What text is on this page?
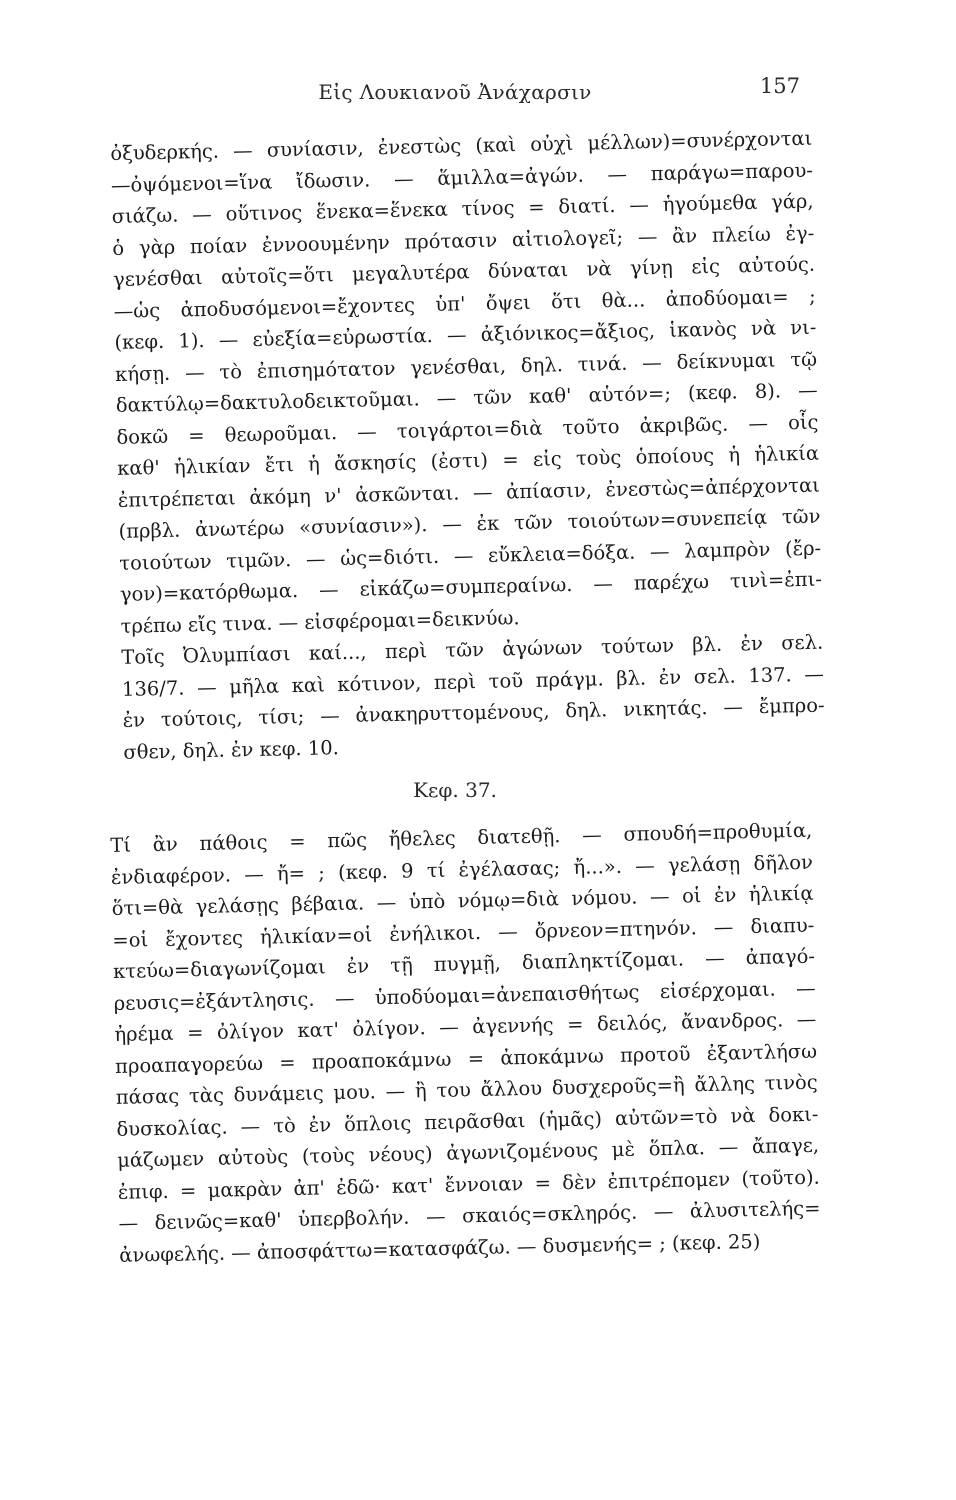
Εἰς Λουκιανοῦ Ἀνάχαρσιν	157
ὀξυδερκής. — συνίασιν, ἐνεστὼς (καὶ οὐχὶ μέλλων)=συνέρχονται
—ὀψόμενοι=ἵνα ἴδωσιν. — ἅμιλλα=ἀγών. — παράγω=παρου-
σιάζω. — οὕτινος ἕνεκα=ἕνεκα τίνος = διατί. — ἡγούμεθα γάρ,
ὁ γὰρ ποίαν ἐννοουμένην πρότασιν αἰτιολογεῖ; — ἂν πλείω ἐγ-
γενέσθαι αὐτοῖς=ὅτι μεγαλυτέρα δύναται νὰ γίνῃ εἰς αὐτούς.
—ὡς ἀποδυσόμενοι=ἔχοντες ὑπ' ὄψει ὅτι θὰ... ἀποδύομαι= ;
(κεφ. 1). — εὐεξία=εὐρωστία. — ἀξιόνικος=ἄξιος, ἱκανὸς νὰ νι-
κήσῃ. — τὸ ἐπισημότατον γενέσθαι, δηλ. τινά. — δείκνυμαι τῷ
δακτύλῳ=δακτυλοδεικτοῦμαι. — τῶν καθ' αὑτόν=; (κεφ. 8). —
δοκῶ = θεωροῦμαι. — τοιγάρτοι=διὰ τοῦτο ἀκριβῶς. — οἷς
καθ' ἡλικίαν ἔτι ἡ ἄσκησίς (ἐστι) = εἰς τοὺς ὁποίους ἡ ἡλικία
ἐπιτρέπεται ἀκόμη ν' ἀσκῶνται. — ἀπίασιν, ἐνεστὼς=ἀπέρχονται
(πρβλ. ἀνωτέρω «συνίασιν»). — ἐκ τῶν τοιούτων=συνεπείᾳ τῶν
τοιούτων τιμῶν. — ὡς=διότι. — εὔκλεια=δόξα. — λαμπρὸν (ἔρ-
γον)=κατόρθωμα. — εἰκάζω=συμπεραίνω. — παρέχω τινὶ=ἐπι-
τρέπω εἴς τινα. — εἰσφέρομαι=δεικνύω.
Τοῖς Ὀλυμπίασι καί..., περὶ τῶν ἀγώνων τούτων βλ. ἐν σελ.
136/7. — μῆλα καὶ κότινον, περὶ τοῦ πράγμ. βλ. ἐν σελ. 137. —
ἐν τούτοις, τίσι; — ἀνακηρυττομένους, δηλ. νικητάς. — ἔμπρο-
σθεν, δηλ. ἐν κεφ. 10.
Κεφ. 37.
Τί ἂν πάθοις = πῶς ἤθελες διατεθῇ. — σπουδή=προθυμία,
ἐνδιαφέρον. — ἤ= ; (κεφ. 9 τί ἐγέλασας; ἤ...». — γελάσῃ δῆλον
ὅτι=θὰ γελάσῃς βέβαια. — ὑπὸ νόμῳ=διὰ νόμου. — οἱ ἐν ἡλικίᾳ
=οἱ ἔχοντες ἡλικίαν=οἱ ἐνήλικοι. — ὄρνεον=πτηνόν. — διαπυ-
κτεύω=διαγωνίζομαι ἐν τῇ πυγμῇ, διαπληκτίζομαι. — ἀπαγό-
ρευσις=ἐξάντλησις. — ὑποδύομαι=ἀνεπαισθήτως εἰσέρχομαι. —
ἠρέμα = ὀλίγον κατ' ὀλίγον. — ἀγεννής = δειλός, ἄνανδρος. —
προαπαγορεύω = προαποκάμνω = ἀποκάμνω προτοῦ ἐξαντλήσω
πάσας τὰς δυνάμεις μου. — ἢ του ἄλλου δυσχεροῦς=ἢ ἄλλης τινὸς
δυσκολίας. — τὸ ἐν ὅπλοις πειρᾶσθαι (ἡμᾶς) αὐτῶν=τὸ νὰ δοκι-
μάζωμεν αὐτοὺς (τοὺς νέους) ἀγωνιζομένους μὲ ὅπλα. — ἄπαγε,
ἐπιφ. = μακρὰν ἀπ' ἐδῶ· κατ' ἔννοιαν = δὲν ἐπιτρέπομεν (τοῦτο).
— δεινῶς=καθ' ὑπερβολήν. — σκαιός=σκληρός. — ἀλυσιτελής=
ἀνωφελής. — ἀποσφάττω=κατασφάζω. — δυσμενής= ; (κεφ. 25)
